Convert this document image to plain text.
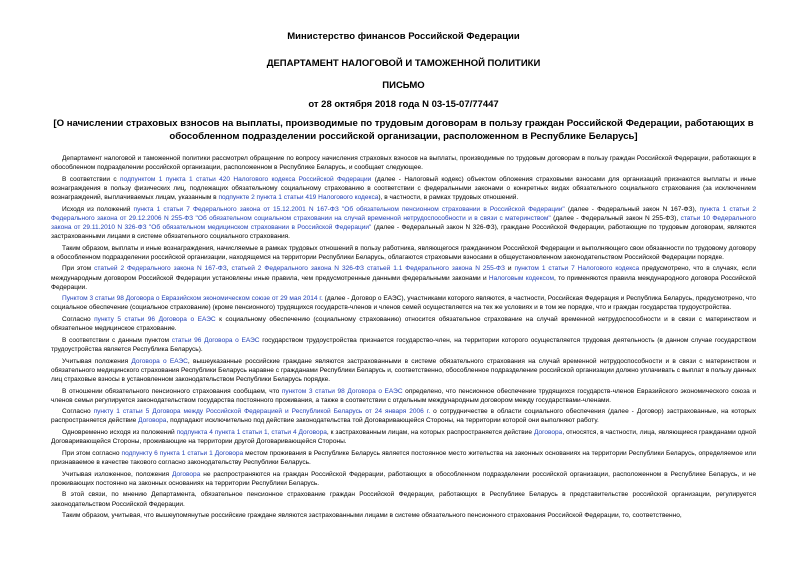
Министерство финансов Российской Федерации
ДЕПАРТАМЕНТ НАЛОГОВОЙ И ТАМОЖЕННОЙ ПОЛИТИКИ
ПИСЬМО
от 28 октября 2018 года N 03-15-07/77447
[О начислении страховых взносов на выплаты, производимые по трудовым договорам в пользу граждан Российской Федерации, работающих в обособленном подразделении российской организации, расположенном в Республике Беларусь]

Департамент налоговой и таможенной политики рассмотрел обращение по вопросу начисления страховых взносов на выплаты, производимые по трудовым договорам в пользу граждан Российской Федерации, работающих в обособленном подразделении российской организации, расположенном в Республике Беларусь, и сообщает следующее.

В соответствии с подпунктом 1 пункта 1 статьи 420 Налогового кодекса Российской Федерации (далее - Налоговый кодекс) объектом обложения страховыми взносами для организаций признаются выплаты и иные вознаграждения в пользу физических лиц, подлежащих обязательному социальному страхованию в соответствии с федеральными законами о конкретных видах обязательного социального страхования (за исключением вознаграждений, выплачиваемых лицам, указанным в подпункте 2 пункта 1 статьи 419 Налогового кодекса), в частности, в рамках трудовых отношений.

Исходя из положений пункта 1 статьи 7 Федерального закона от 15.12.2001 N 167-ФЗ "Об обязательном пенсионном страховании в Российской Федерации" (далее - Федеральный закон N 167-ФЗ), пункта 1 статьи 2 Федерального закона от 29.12.2006 N 255-ФЗ "Об обязательном социальном страховании на случай временной нетрудоспособности и в связи с материнством" (далее - Федеральный закон N 255-ФЗ), статьи 10 Федерального закона от 29.11.2010 N 326-ФЗ "Об обязательном медицинском страховании в Российской Федерации" (далее - Федеральный закон N 326-ФЗ), граждане Российской Федерации, работающие по трудовым договорам, являются застрахованными лицами в системе обязательного социального страхования.

Таким образом, выплаты и иные вознаграждения, начисляемые в рамках трудовых отношений в пользу работника, являющегося гражданином Российской Федерации и выполняющего свои обязанности по трудовому договору в обособленном подразделении российской организации, находящемся на территории Республики Беларусь, облагаются страховыми взносами в общеустановленном законодательством Российской Федерации порядке.

При этом статьей 2 Федерального закона N 167-ФЗ, статьей 2 Федерального закона N 326-ФЗ статьей 1.1 Федерального закона N 255-ФЗ и пунктом 1 статьи 7 Налогового кодекса предусмотрено, что в случаях, если международным договором Российской Федерации установлены иные правила, чем предусмотренные данными федеральными законами и Налоговым кодексом, то применяются правила международного договора Российской Федерации.

Пунктом 3 статьи 98 Договора о Евразийском экономическом союзе от 29 мая 2014 г. (далее - Договор о ЕАЭС), участниками которого являются, в частности, Российская Федерация и Республика Беларусь, предусмотрено, что социальное обеспечение (социальное страхование) (кроме пенсионного) трудящихся государств-членов и членов семей осуществляется на тех же условиях и в том же порядке, что и граждан государства трудоустройства.

Согласно пункту 5 статьи 96 Договора о ЕАЭС к социальному обеспечению (социальному страхованию) относится обязательное страхование на случай временной нетрудоспособности и в связи с материнством и обязательное медицинское страхование.

В соответствии с данным пунктом статьи 96 Договора о ЕАЭС государством трудоустройства признается государство-член, на территории которого осуществляется трудовая деятельность (в данном случае государством трудоустройства является Республика Беларусь).

Учитывая положения Договора о ЕАЭС, вышеуказанные российские граждане являются застрахованными в системе обязательного страхования на случай временной нетрудоспособности и в связи с материнством и обязательного медицинского страхования Республики Беларусь наравне с гражданами Республики Беларусь и, соответственно, обособленное подразделение российской организации должно уплачивать с выплат в пользу данных лиц страховые взносы в установленном законодательством Республики Беларусь порядке.

В отношении обязательного пенсионного страхования сообщаем, что пунктом 3 статьи 98 Договора о ЕАЭС определено, что пенсионное обеспечение трудящихся государств-членов Евразийского экономического союза и членов семьи регулируется законодательством государства постоянного проживания, а также в соответствии с отдельным международным договором между государствами-членами.

Согласно пункту 1 статьи 5 Договора между Российской Федерацией и Республикой Беларусь от 24 января 2006 г. о сотрудничестве в области социального обеспечения (далее - Договор) застрахованные, на которых распространяется действие Договора, подпадают исключительно под действие законодательства той Договаривающейся Стороны, на территории которой они выполняют работу.

Одновременно исходя из положений подпункта 4 пункта 1 статьи 1, статьи 4 Договора, к застрахованным лицам, на которых распространяется действие Договора, относятся, в частности, лица, являющиеся гражданами одной Договаривающейся Стороны, проживающие на территории другой Договаривающейся Стороны.

При этом согласно подпункту 6 пункта 1 статьи 1 Договора местом проживания в Республике Беларусь является постоянное место жительства на законных основаниях на территории Республики Беларусь, определяемое или признаваемое в качестве такового согласно законодательству Республики Беларусь.

Учитывая изложенное, положения Договора не распространяются на граждан Российской Федерации, работающих в обособленном подразделении российской организации, расположенном в Республике Беларусь, и не проживающих постоянно на законных основаниях на территории Республики Беларусь.

В этой связи, по мнению Департамента, обязательное пенсионное страхование граждан Российской Федерации, работающих в Республике Беларусь в представительстве российской организации, регулируется законодательством Российской Федерации.

Таким образом, учитывая, что вышеупомянутые российские граждане являются застрахованными лицами в системе обязательного пенсионного страхования Российской Федерации, то, соответственно,
